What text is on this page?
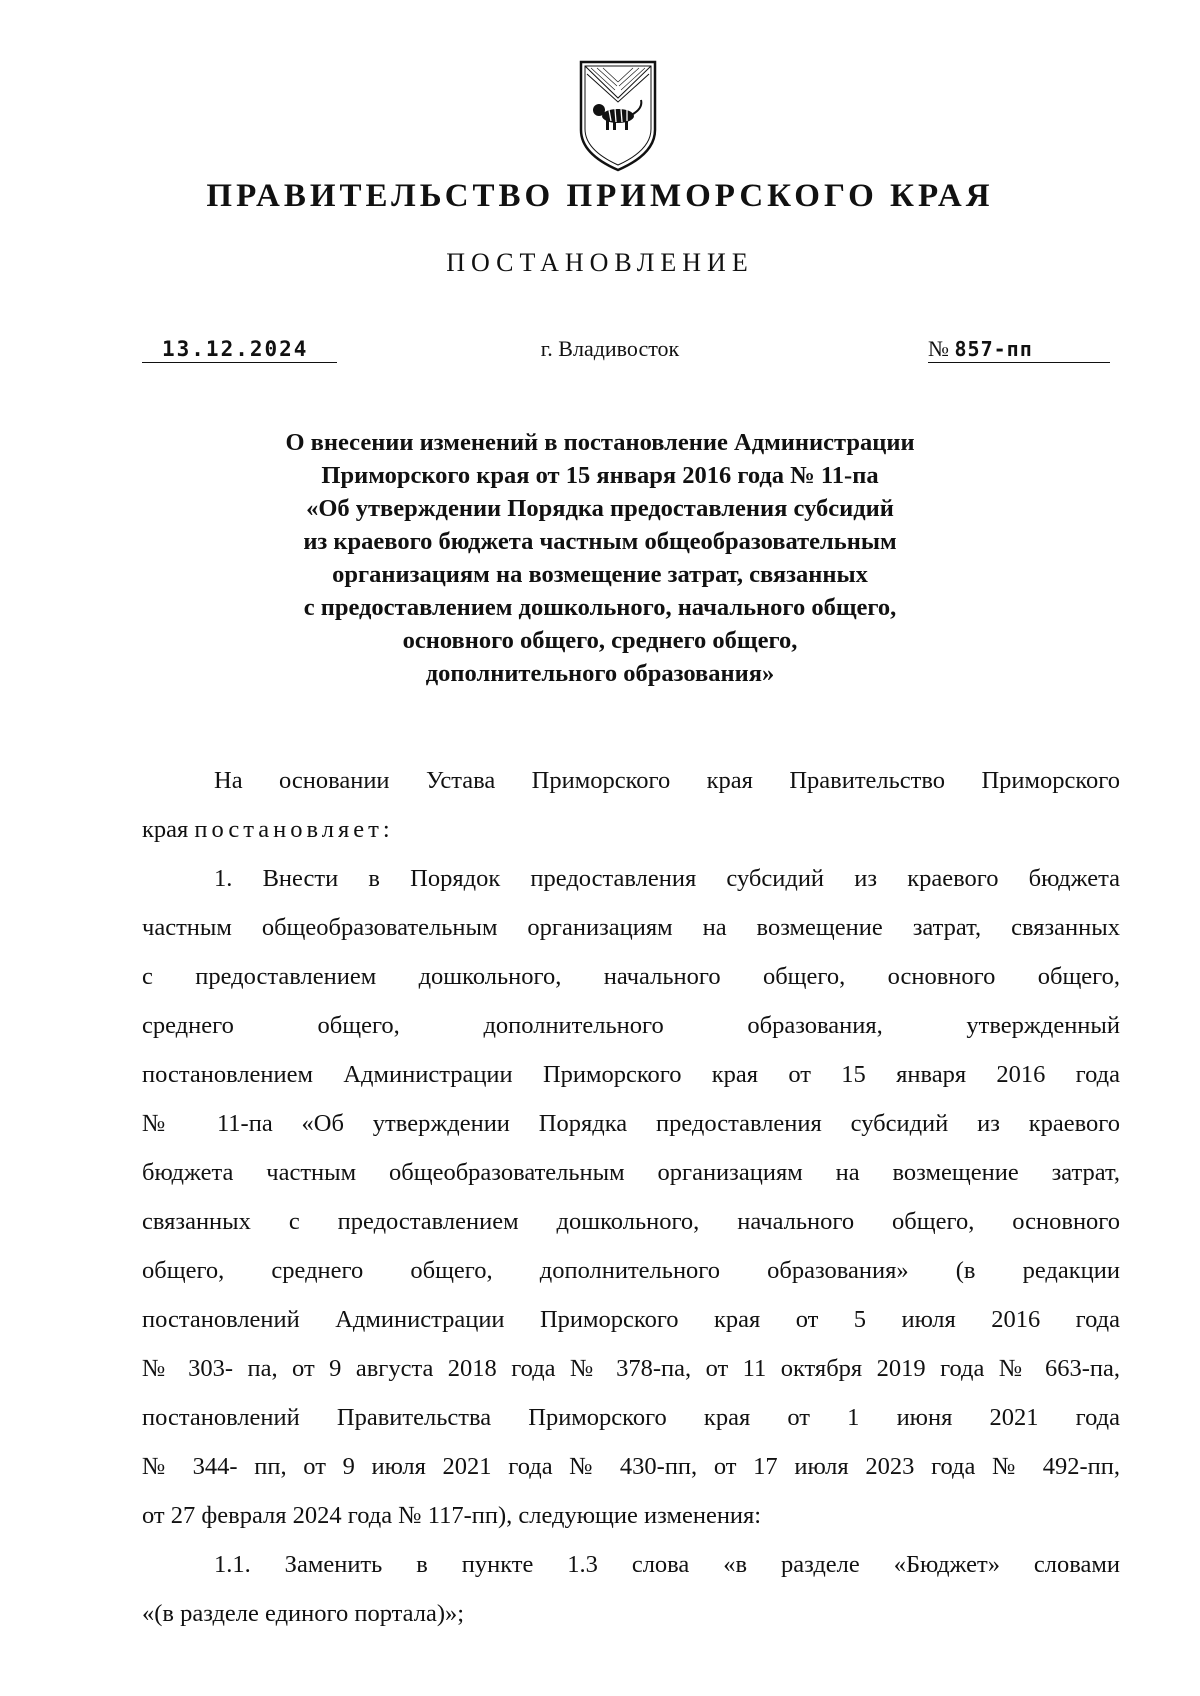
ПРАВИТЕЛЬСТВО ПРИМОРСКОГО КРАЯ
ПОСТАНОВЛЕНИЕ
13.12.2024	г. Владивосток	№ 857-пп
О внесении изменений в постановление Администрации
Приморского края от 15 января 2016 года № 11-па
«Об утверждении Порядка предоставления субсидий
из краевого бюджета частным общеобразовательным
организациям на возмещение затрат, связанных
с предоставлением дошкольного, начального общего,
основного общего, среднего общего,
дополнительного образования»
На основании Устава Приморского края Правительство Приморского
края постановляет:
1. Внести в Порядок предоставления субсидий из краевого бюджета
частным общеобразовательным организациям на возмещение затрат, связанных
с предоставлением дошкольного, начального общего, основного общего,
среднего общего, дополнительного образования, утвержденный
постановлением Администрации Приморского края от 15 января 2016 года
№ 11-па «Об утверждении Порядка предоставления субсидий из краевого
бюджета частным общеобразовательным организациям на возмещение затрат,
связанных с предоставлением дошкольного, начального общего, основного
общего, среднего общего, дополнительного образования» (в редакции
постановлений Администрации Приморского края от 5 июля 2016 года
№ 303- па, от 9 августа 2018 года № 378-па, от 11 октября 2019 года № 663-па,
постановлений Правительства Приморского края от 1 июня 2021 года
№ 344- пп, от 9 июля 2021 года № 430-пп, от 17 июля 2023 года № 492-пп,
от 27 февраля 2024 года № 117-пп), следующие изменения:
1.1. Заменить в пункте 1.3 слова «в разделе «Бюджет» словами
«(в разделе единого портала)»;
